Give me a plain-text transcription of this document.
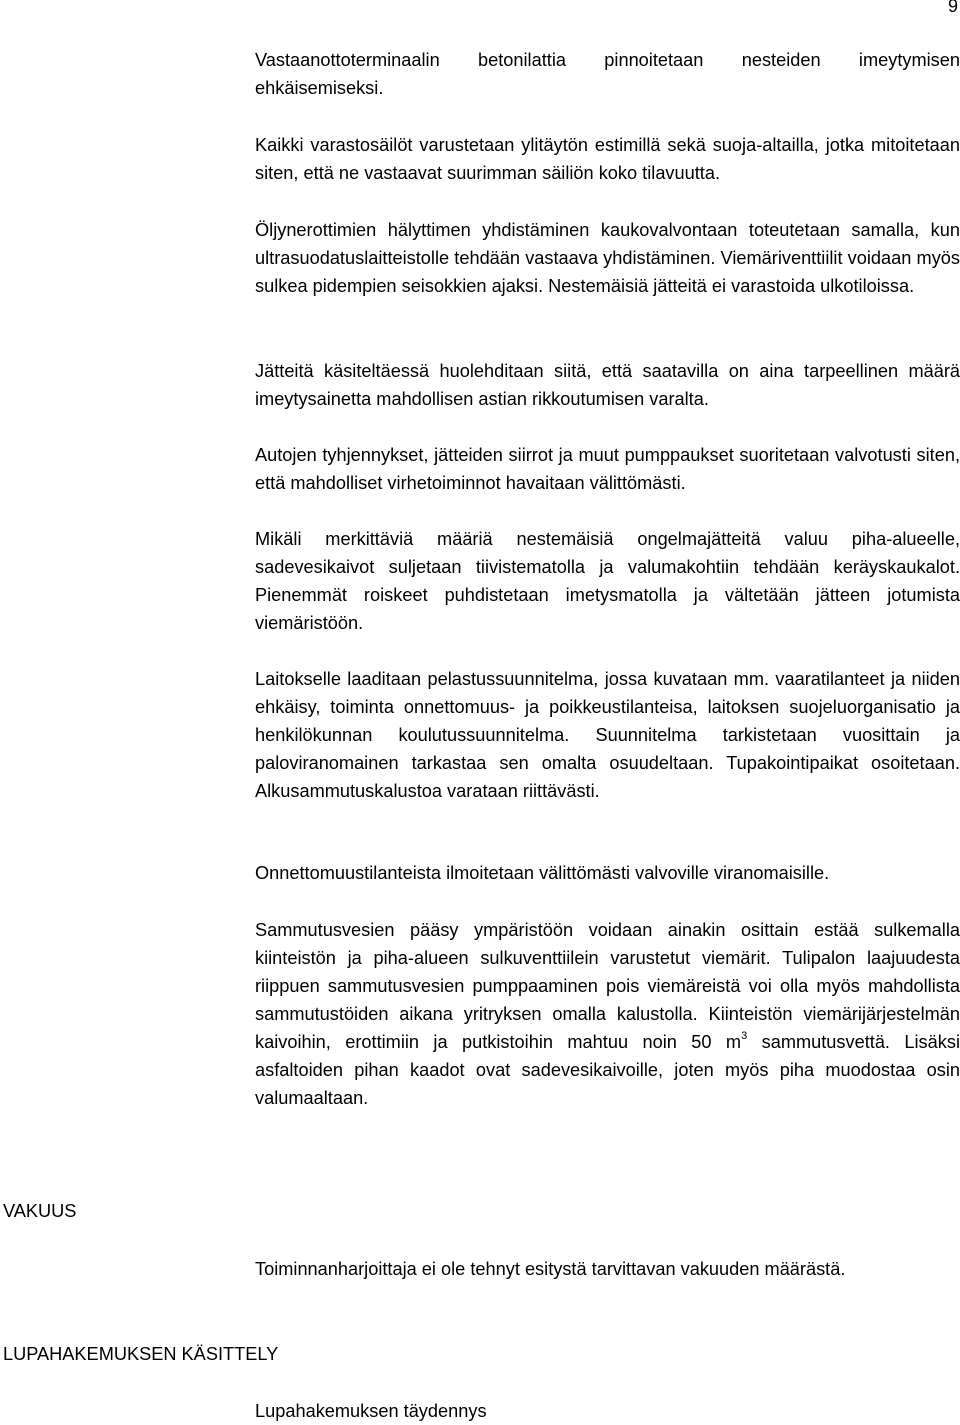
9

Vastaanottoterminaalin betonilattia pinnoitetaan nesteiden imeytymisen ehkäisemiseksi.

Kaikki varastosäilöt varustetaan ylitäytön estimillä sekä suoja-altailla, jotka mitoitetaan siten, että ne vastaavat suurimman säiliön koko tilavuutta.

Öljynerottimien hälyttimen yhdistäminen kaukovalvontaan toteutetaan samalla, kun ultrasuodatuslaitteistolle tehdään vastaava yhdistäminen. Viemäriventtiilit voidaan myös sulkea pidempien seisokkien ajaksi. Nestemäisiä jätteitä ei varastoida ulkotiloissa.

Jätteitä käsiteltäessä huolehditaan siitä, että saatavilla on aina tarpeellinen määrä imeytysainetta mahdollisen astian rikkoutumisen varalta.

Autojen tyhjennykset, jätteiden siirrot ja muut pumppaukset suoritetaan valvotusti siten, että mahdolliset virhetoiminnot havaitaan välittömästi.

Mikäli merkittäviä määriä nestemäisiä ongelmajätteitä valuu piha-alueelle, sadevesikaivot suljetaan tiivistematolla ja valumakohtiin tehdään keräyskaukalot. Pienemmät roiskeet puhdistetaan imetysmatolla ja vältetään jätteen jotumista viemäristöön.

Laitokselle laaditaan pelastussuunnitelma, jossa kuvataan mm. vaaratilanteet ja niiden ehkäisy, toiminta onnettomuus- ja poikkeustilanteisa, laitoksen suojeluorganisatio ja henkilökunnan koulutussuunnitelma. Suunnitelma tarkistetaan vuosittain ja paloviranomainen tarkastaa sen omalta osuudeltaan. Tupakointipaikat osoitetaan. Alkusammutuskalustoa varataan riittävästi.

Onnettomuustilanteista ilmoitetaan välittömästi valvoville viranomaisille.

Sammutusvesien pääsy ympäristöön voidaan ainakin osittain estää sulkemalla kiinteistön ja piha-alueen sulkuventtiilein varustetut viemärit. Tulipalon laajuudesta riippuen sammutusvesien pumppaaminen pois viemäreistä voi olla myös mahdollista sammutustöiden aikana yritryksen omalla kalustolla. Kiinteistön viemärijärjestelmän kaivoihin, erottimiin ja putkistoihin mahtuu noin 50 $m^3$ sammutusvettä. Lisäksi asfaltoiden pihan kaadot ovat sadevesikaivoille, joten myös piha muodostaa osin valumaaltaan.

VAKUUS

Toiminnanharjoittaja ei ole tehnyt esitystä tarvittavan vakuuden määrästä.

LUPAHAKEMUKSEN KÄSITTELY

Lupahakemuksen täydennys
